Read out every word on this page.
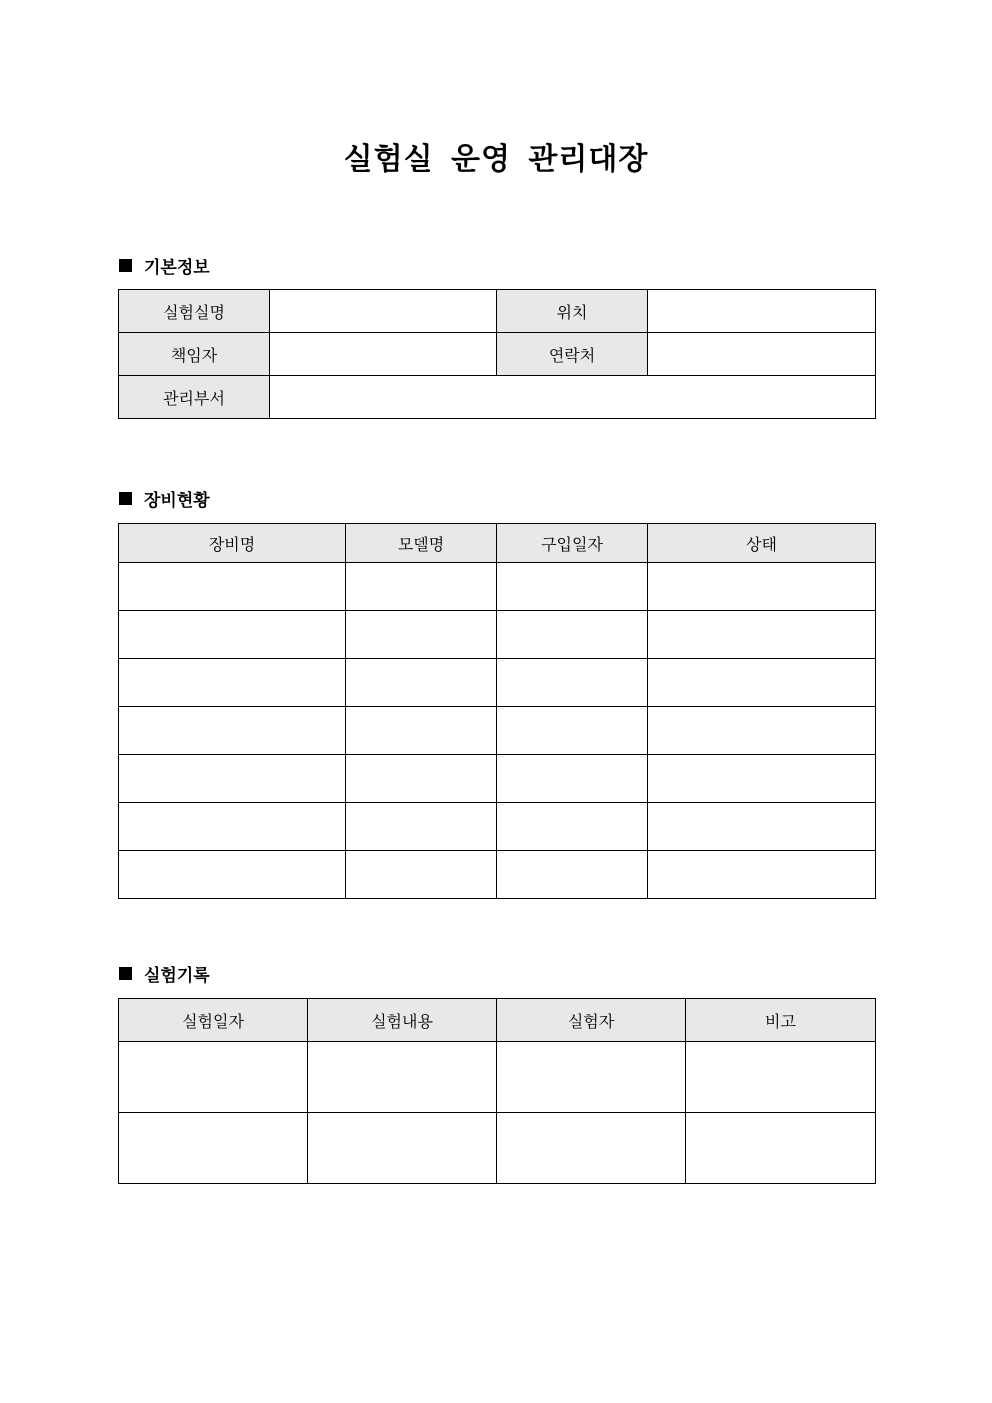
실험실 운영 관리대장
기본정보
실험실명		위치	
책임자		연락처	
관리부서			
장비현황
장비명	모델명	구입일자	상태

실험기록
실험일자	실험내용	실험자	비고
